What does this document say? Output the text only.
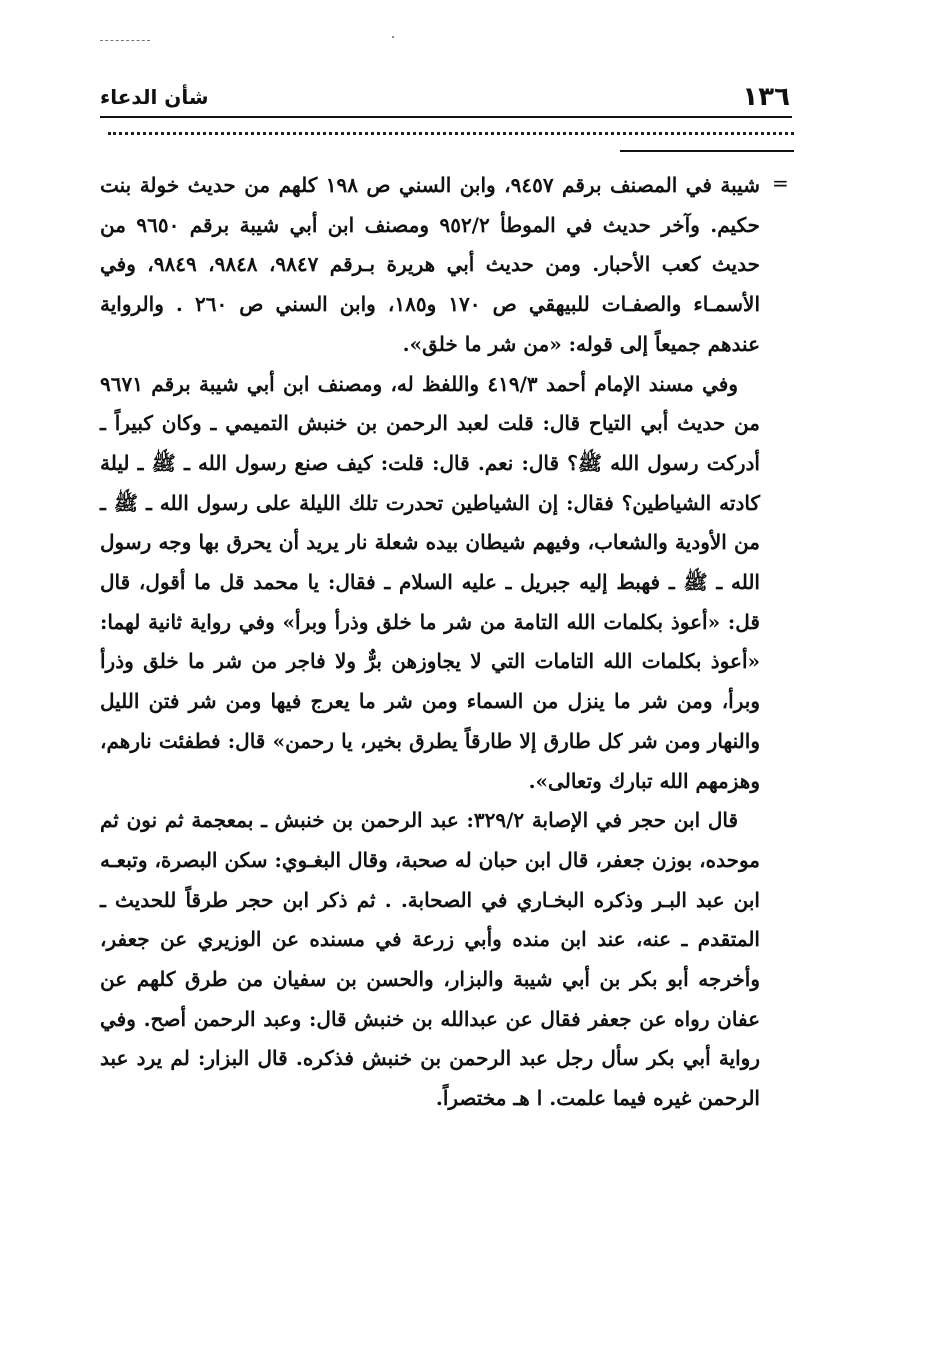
١٣٦
شأن الدعاء
=

شيبة في المصنف برقم ٩٤٥٧، وابن السني ص ١٩٨ كلهم من حديث خولة بنت حكيم. وآخر حديث في الموطأ ٩٥٢/٢ ومصنف ابن أبي شيبة برقم ٩٦٥٠ من حديث كعب الأحبار. ومن حديث أبي هريرة بـرقم ٩٨٤٧، ٩٨٤٨، ٩٨٤٩، وفي الأسمـاء والصفـات للبيهقي ص ١٧٠ و١٨٥، وابن السني ص ٢٦٠ . والرواية عندهم جميعاً إلى قوله: «من شر ما خلق».

وفي مسند الإمام أحمد ٤١٩/٣ واللفظ له، ومصنف ابن أبي شيبة برقم ٩٦٧١ من حديث أبي التياح قال: قلت لعبد الرحمن بن خنبش التميمي ـ وكان كبيراً ـ أدركت رسول الله ﷺ؟ قال: نعم. قال: قلت: كيف صنع رسول الله ـ ﷺ ـ ليلة كادته الشياطين؟ فقال: إن الشياطين تحدرت تلك الليلة على رسول الله ـ ﷺ ـ من الأودية والشعاب، وفيهم شيطان بيده شعلة نار يريد أن يحرق بها وجه رسول الله ـ ﷺ ـ فهبط إليه جبريل ـ عليه السلام ـ فقال: يا محمد قل ما أقول، قال قل: «أعوذ بكلمات الله التامة من شر ما خلق وذرأ وبرأ» وفي رواية ثانية لهما: «أعوذ بكلمات الله التامات التي لا يجاوزهن برٌّ ولا فاجر من شر ما خلق وذرأ وبرأ، ومن شر ما ينزل من السماء ومن شر ما يعرج فيها ومن شر فتن الليل والنهار ومن شر كل طارق إلا طارقاً يطرق بخير، يا رحمن» قال: فطفئت نارهم، وهزمهم الله تبارك وتعالى».

قال ابن حجر في الإصابة ٣٢٩/٢: عبد الرحمن بن خنبش ـ بمعجمة ثم نون ثم موحده، بوزن جعفر، قال ابن حبان له صحبة، وقال البغـوي: سكن البصرة، وتبعـه ابن عبد البـر وذكره البخـاري في الصحابة. . ثم ذكر ابن حجر طرقاً للحديث ـ المتقدم ـ عنه، عند ابن منده وأبي زرعة في مسنده عن الوزيري عن جعفر، وأخرجه أبو بكر بن أبي شيبة والبزار، والحسن بن سفيان من طرق كلهم عن عفان رواه عن جعفر فقال عن عبدالله بن خنبش قال: وعبد الرحمن أصح. وفي رواية أبي بكر سأل رجل عبد الرحمن بن خنبش فذكره. قال البزار: لم يرد عبد الرحمن غيره فيما علمت. ا هـ مختصراً.
